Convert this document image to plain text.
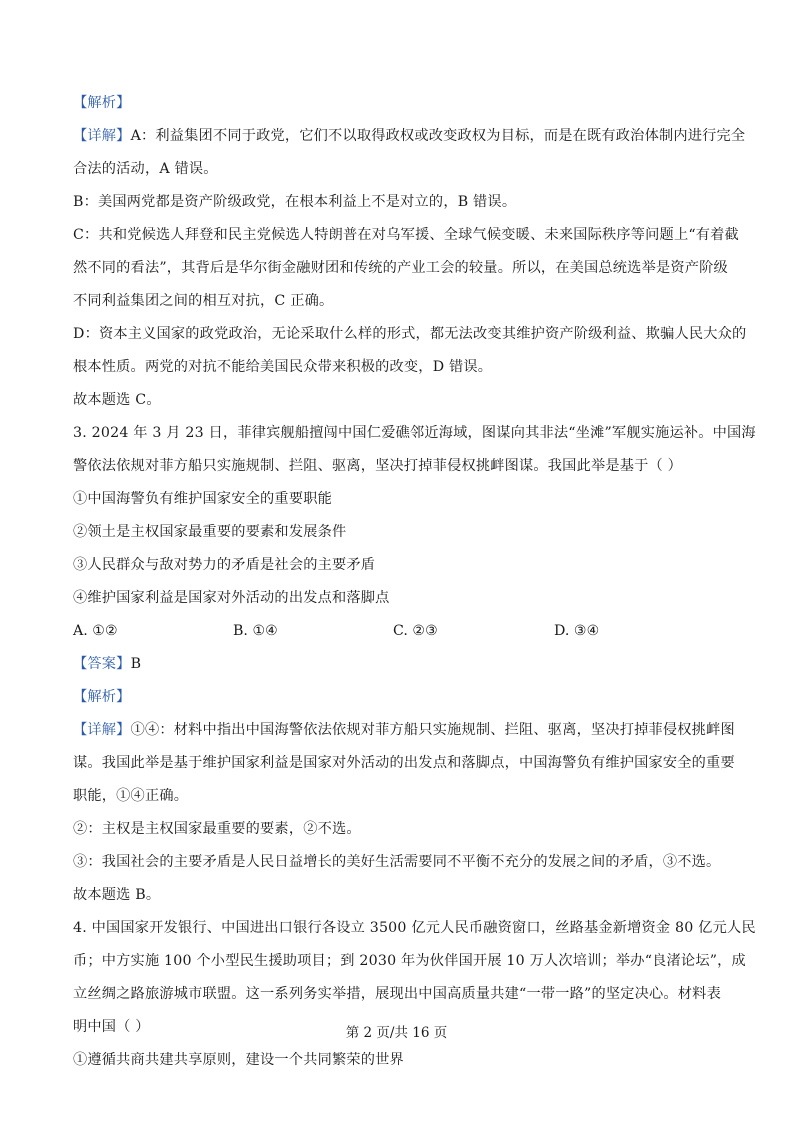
【解析】

【详解】A：利益集团不同于政党，它们不以取得政权或改变政权为目标，而是在既有政治体制内进行完全

合法的活动，A 错误。

B：美国两党都是资产阶级政党，在根本利益上不是对立的，B 错误。

C：共和党候选人拜登和民主党候选人特朗普在对乌军援、全球气候变暖、未来国际秩序等问题上“有着截

然不同的看法”，其背后是华尔街金融财团和传统的产业工会的较量。所以，在美国总统选举是资产阶级

不同利益集团之间的相互对抗，C 正确。

D：资本主义国家的政党政治，无论采取什么样的形式，都无法改变其维护资产阶级利益、欺骗人民大众的

根本性质。两党的对抗不能给美国民众带来积极的改变，D 错误。

故本题选 C。

3. 2024 年 3 月 23 日，菲律宾舰船擅闯中国仁爱礁邻近海域，图谋向其非法“坐滩”军舰实施运补。中国海

警依法依规对菲方船只实施规制、拦阻、驱离，坚决打掉菲侵权挑衅图谋。我国此举是基于（ ）

①中国海警负有维护国家安全的重要职能

②领土是主权国家最重要的要素和发展条件

③人民群众与敌对势力的矛盾是社会的主要矛盾

④维护国家利益是国家对外活动的出发点和落脚点

A. ①②	B. ①④	C. ②③	D. ③④

【答案】B

【解析】

【详解】①④：材料中指出中国海警依法依规对菲方船只实施规制、拦阻、驱离，坚决打掉菲侵权挑衅图

谋。我国此举是基于维护国家利益是国家对外活动的出发点和落脚点，中国海警负有维护国家安全的重要

职能，①④正确。

②：主权是主权国家最重要的要素，②不选。

③：我国社会的主要矛盾是人民日益增长的美好生活需要同不平衡不充分的发展之间的矛盾，③不选。

故本题选 B。

4. 中国国家开发银行、中国进出口银行各设立 3500 亿元人民币融资窗口，丝路基金新增资金 80 亿元人民

币；中方实施 100 个小型民生援助项目；到 2030 年为伙伴国开展 10 万人次培训；举办“良渚论坛”，成

立丝绸之路旅游城市联盟。这一系列务实举措，展现出中国高质量共建“一带一路”的坚定决心。材料表

明中国（ ）

①遵循共商共建共享原则，建设一个共同繁荣的世界

第 2 页/共 16 页
